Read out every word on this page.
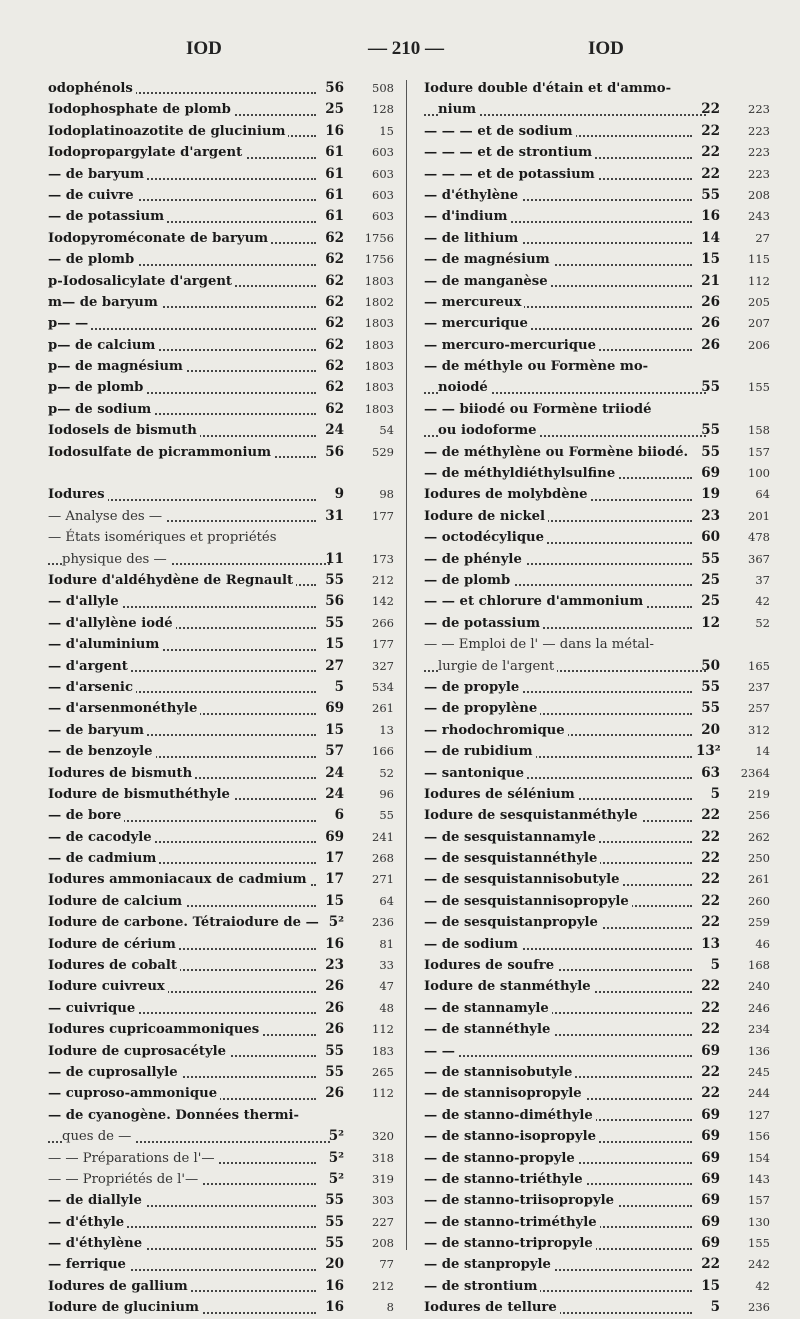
IOD	— 210 —	IOD
odophénols	56	508
Iodophosphate de plomb	25	128
Iodoplatinoazotite de glucinium	16	15
Iodopropargylate d'argent	61	603
— de baryum	61	603
— de cuivre	61	603
— de potassium	61	603
Iodopyroméconate de baryum	62	1756
— de plomb	62	1756
p-Iodosalicylate d'argent	62	1803
m— de baryum	62	1802
p— —	62	1803
p— de calcium	62	1803
p— de magnésium	62	1803
p— de plomb	62	1803
p— de sodium	62	1803
Iodosels de bismuth	24	54
Iodosulfate de picrammonium	56	529
Iodures	9	98
— Analyse des —	31	177
— États isomériques et propriétés
physique des —	11	173
Iodure d'aldéhydène de Regnault	55	212
— d'allyle	56	142
— d'allylène iodé	55	266
— d'aluminium	15	177
— d'argent	27	327
— d'arsenic	5	534
— d'arsenmonéthyle	69	261
— de baryum	15	13
— de benzoyle	57	166
Iodures de bismuth	24	52
Iodure de bismuthéthyle	24	96
— de bore	6	55
— de cacodyle	69	241
— de cadmium	17	268
Iodures ammoniacaux de cadmium	17	271
Iodure de calcium	15	64
Iodure de carbone. Tétraiodure de — 5²	236
Iodure de cérium	16	81
Iodures de cobalt	23	33
Iodure cuivreux	26	47
— cuivrique	26	48
Iodures cupricoammoniques	26	112
Iodure de cuprosacétyle	55	183
— de cuprosallyle	55	265
— cuproso-ammonique	26	112
— de cyanogène. Données thermi-
ques de —	5²	320
— — Préparations de l'—	5²	318
— — Propriétés de l'—	5²	319
— de diallyle	55	303
— d'éthyle	55	227
— d'éthylène	55	208
— ferrique	20	77
Iodures de gallium	16	212
Iodure de glucinium	16	8
Iodure double d'étain et d'ammo-
nium	22	223
— — — et de sodium	22	223
— — — et de strontium	22	223
— — — et de potassium	22	223
— d'éthylène	55	208
— d'indium	16	243
— de lithium	14	27
— de magnésium	15	115
— de manganèse	21	112
— mercureux	26	205
— mercurique	26	207
— mercuro-mercurique	26	206
— de méthyle ou Formène mo-
noiodé	55	155
— — biiodé ou Formène triiodé
ou iodoforme	55	158
— de méthylène ou Formène biiodé. 55	157
— de méthyldiéthylsulfine	69	100
Iodures de molybdène	19	64
Iodure de nickel	23	201
— octodécylique	60	478
— de phényle	55	367
— de plomb	25	37
— — et chlorure d'ammonium	25	42
— de potassium	12	52
— — Emploi de l' — dans la métal-
lurgie de l'argent	50	165
— de propyle	55	237
— de propylène	55	257
— rhodochromique	20	312
— de rubidium	13²	14
— santonique	63	2364
Iodures de sélénium	5	219
Iodure de sesquistanméthyle	22	256
— de sesquistannamyle	22	262
— de sesquistannéthyle	22	250
— de sesquistannisobutyle	22	261
— de sesquistannisopropyle	22	260
— de sesquistanpropyle	22	259
— de sodium	13	46
Iodures de soufre	5	168
Iodure de stanméthyle	22	240
— de stannamyle	22	246
— de stannéthyle	22	234
— —	69	136
— de stannisobutyle	22	245
— de stannisopropyle	22	244
— de stanno-diméthyle	69	127
— de stanno-isopropyle	69	156
— de stanno-propyle	69	154
— de stanno-triéthyle	69	143
— de stanno-triisopropyle	69	157
— de stanno-triméthyle	69	130
— de stanno-tripropyle	69	155
— de stanpropyle	22	242
— de strontium	15	42
Iodures de tellure	5	236
